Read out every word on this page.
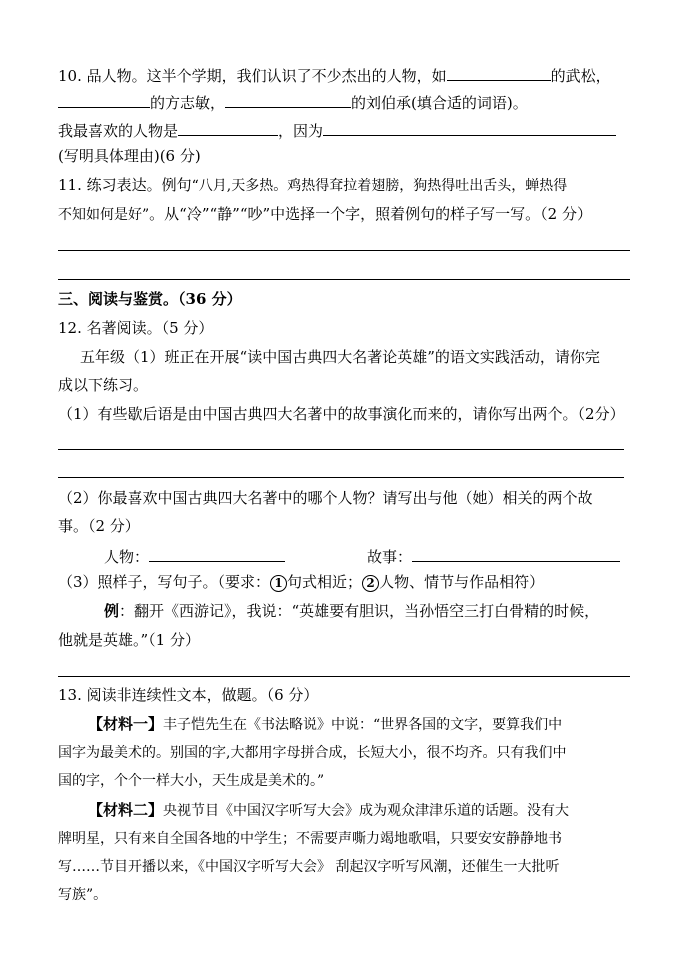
10. 品人物。这半个学期，我们认识了不少杰出的人物，如	的武松，
的方志敏，	的刘伯承(填合适的词语)。
我最喜欢的人物是	，因为
(写明具体理由)(6 分)
11. 练习表达。例句“八月,天多热。鸡热得耷拉着翅膀，狗热得吐出舌头，蝉热得
不知如何是好”。从“冷”“静”“吵”中选择一个字，照着例句的样子写一写。（2 分）
三、阅读与鉴赏。（36 分）
12. 名著阅读。（5 分）
五年级（1）班正在开展“读中国古典四大名著论英雄”的语文实践活动，请你完
成以下练习。
（1）有些歇后语是由中国古典四大名著中的故事演化而来的，请你写出两个。（2分）
（2）你最喜欢中国古典四大名著中的哪个人物？请写出与他（她）相关的两个故
事。（2 分）
人物：	故事：
（3）照样子，写句子。（要求： 1 句式相近； 2 人物、情节与作品相符）
例：翻开《西游记》，我说：“英雄要有胆识，当孙悟空三打白骨精的时候，
他就是英雄。”（1 分）
13. 阅读非连续性文本，做题。（6 分）
【材料一】丰子恺先生在《书法略说》中说：“世界各国的文字，要算我们中
国字为最美术的。别国的字,大都用字母拼合成，长短大小，很不均齐。只有我们中
国的字，个个一样大小，天生成是美术的。”
【材料二】央视节目《中国汉字听写大会》成为观众津津乐道的话题。没有大
牌明星，只有来自全国各地的中学生；不需要声嘶力竭地歌唱，只要安安静静地书
写……节目开播以来，《中国汉字听写大会》 刮起汉字听写风潮，还催生一大批听
写族”。
